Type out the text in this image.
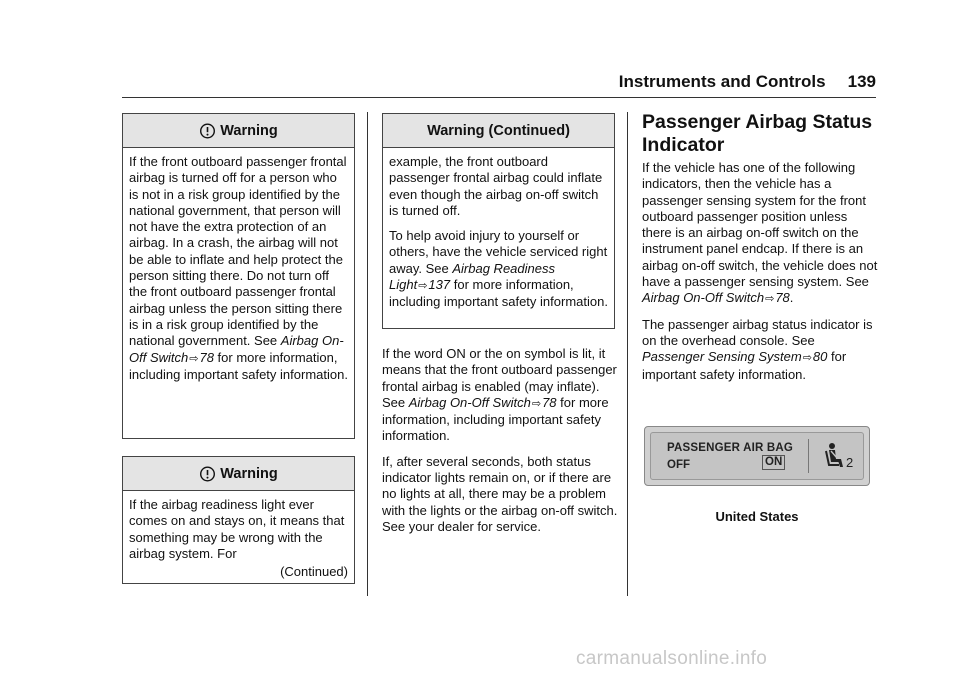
Instruments and Controls 139
Warning

If the front outboard passenger frontal airbag is turned off for a person who is not in a risk group identified by the national government, that person will not have the extra protection of an airbag. In a crash, the airbag will not be able to inflate and help protect the person sitting there. Do not turn off the front outboard passenger frontal airbag unless the person sitting there is in a risk group identified by the national government. See Airbag On-Off Switch⇨78 for more information, including important safety information.

Warning

If the airbag readiness light ever comes on and stays on, it means that something may be wrong with the airbag system. For

(Continued)
Warning (Continued)

example, the front outboard passenger frontal airbag could inflate even though the airbag on-off switch is turned off.

To help avoid injury to yourself or others, have the vehicle serviced right away. See Airbag Readiness Light⇨137 for more information, including important safety information.

If the word ON or the on symbol is lit, it means that the front outboard passenger frontal airbag is enabled (may inflate). See Airbag On-Off Switch⇨78 for more information, including important safety information.

If, after several seconds, both status indicator lights remain on, or if there are no lights at all, there may be a problem with the lights or the airbag on-off switch. See your dealer for service.

Passenger Airbag Status Indicator

If the vehicle has one of the following indicators, then the vehicle has a passenger sensing system for the front outboard passenger position unless there is an airbag on-off switch on the instrument panel endcap. If there is an airbag on-off switch, the vehicle does not have a passenger sensing system. See Airbag On-Off Switch⇨78.

The passenger airbag status indicator is on the overhead console. See Passenger Sensing System⇨80 for important safety information.

PASSENGER AIR BAG
OFF	ON	2
United States
carmanualsonline.info
